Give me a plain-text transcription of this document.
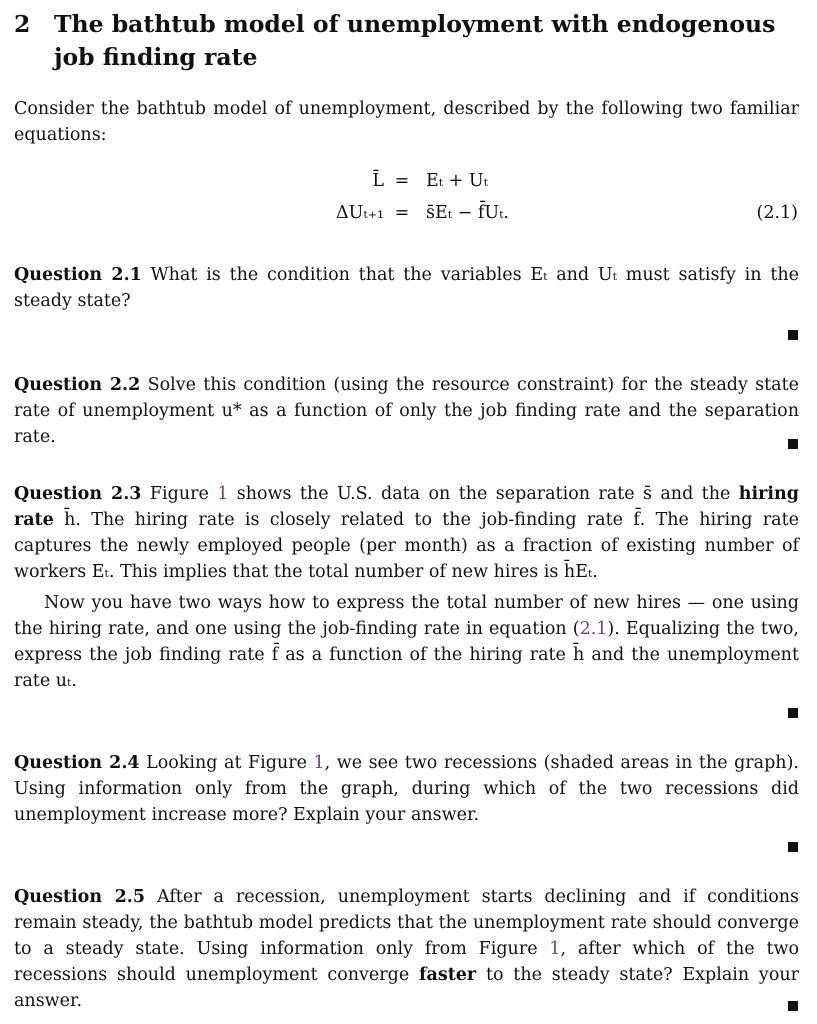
2 The bathtub model of unemployment with endogenous job finding rate
Consider the bathtub model of unemployment, described by the following two familiar equations:
L̄ = Eₜ + Uₜ
ΔUₜ₊₁ = s̄Eₜ − f̄Uₜ.	(2.1)
Question 2.1 What is the condition that the variables Eₜ and Uₜ must satisfy in the steady state?
Question 2.2 Solve this condition (using the resource constraint) for the steady state rate of unemployment u* as a function of only the job finding rate and the separation rate.
Question 2.3 Figure 1 shows the U.S. data on the separation rate s̄ and the hiring rate h̄. The hiring rate is closely related to the job-finding rate f̄. The hiring rate captures the newly employed people (per month) as a fraction of existing number of workers Eₜ. This implies that the total number of new hires is h̄Eₜ.
Now you have two ways how to express the total number of new hires — one using the hiring rate, and one using the job-finding rate in equation (2.1). Equalizing the two, express the job finding rate f̄ as a function of the hiring rate h̄ and the unemployment rate uₜ.
Question 2.4 Looking at Figure 1, we see two recessions (shaded areas in the graph). Using information only from the graph, during which of the two recessions did unemployment increase more? Explain your answer.
Question 2.5 After a recession, unemployment starts declining and if conditions remain steady, the bathtub model predicts that the unemployment rate should converge to a steady state. Using information only from Figure 1, after which of the two recessions should unemployment converge faster to the steady state? Explain your answer.
